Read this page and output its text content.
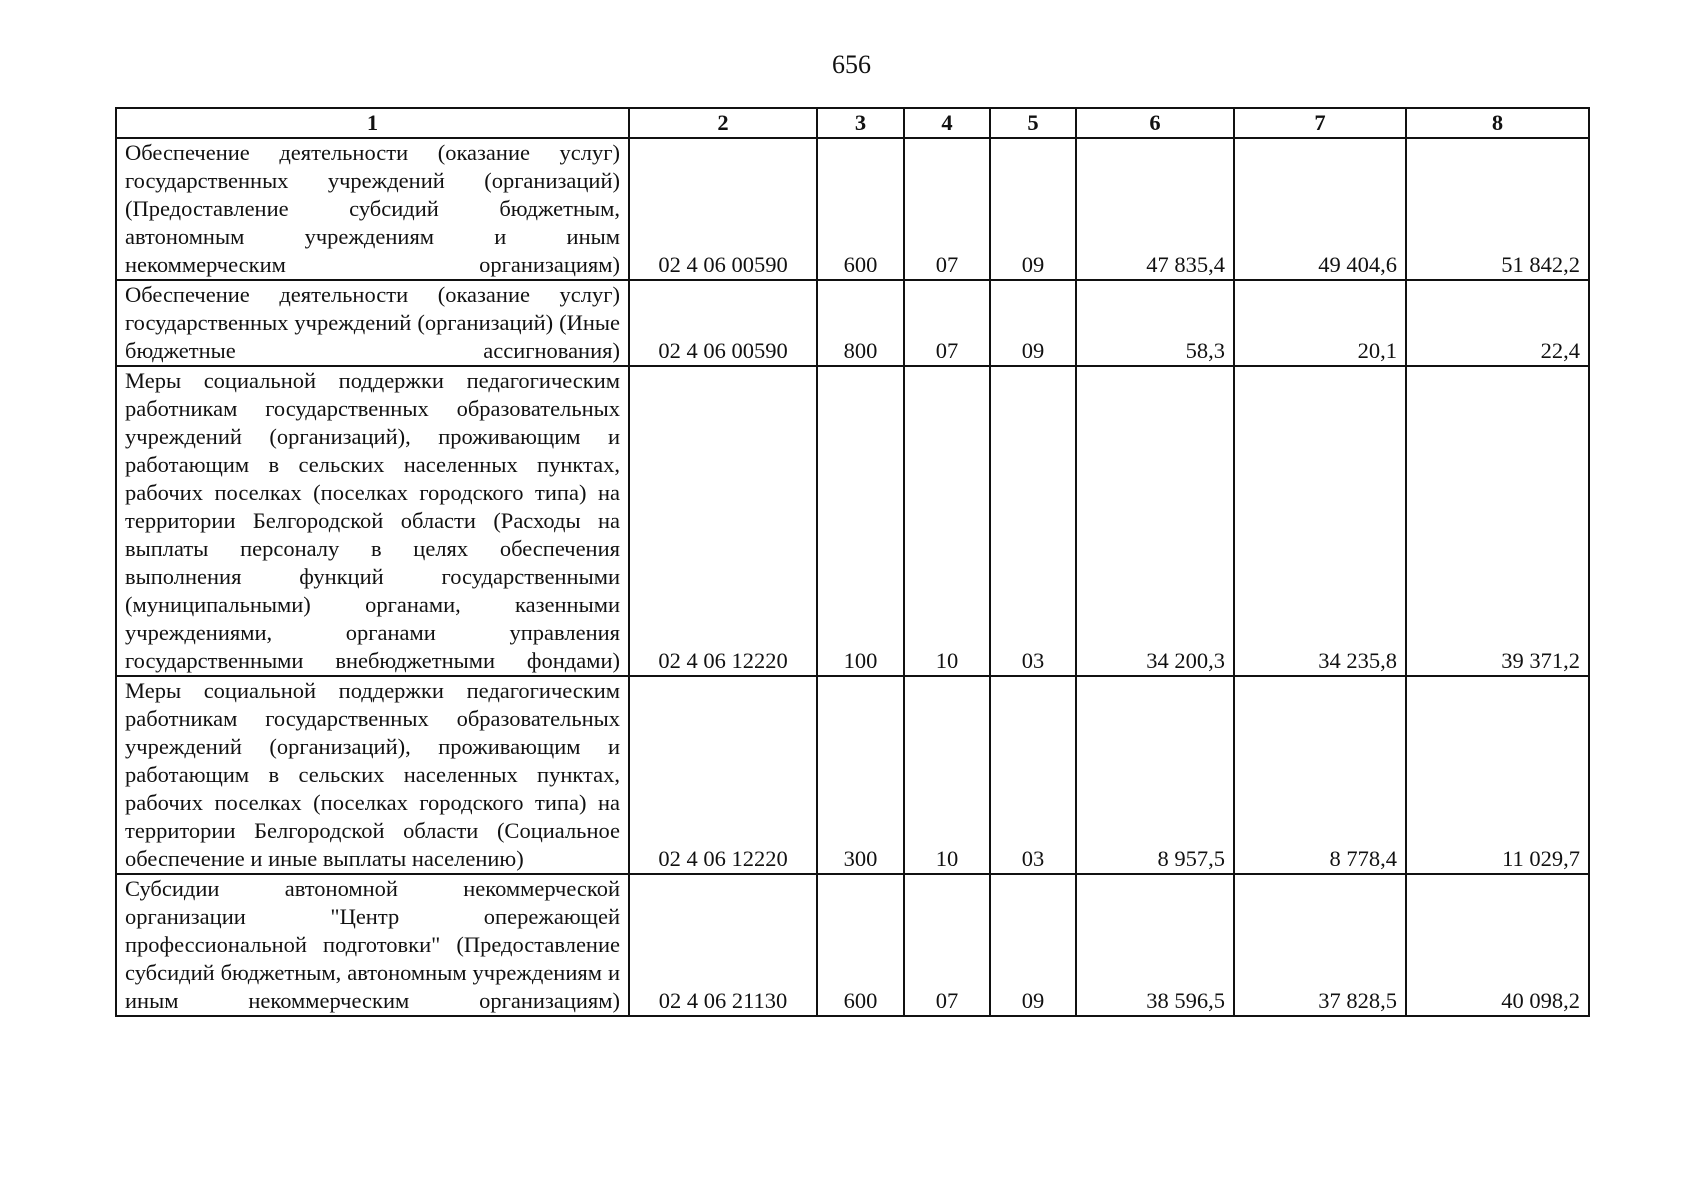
656
1	2	3	4	5	6	7	8
Обеспечение деятельности (оказание услуг) государственных учреждений (организаций) (Предоставление субсидий бюджетным, автономным учреждениям и иным некоммерческим организациям)	02 4 06 00590	600	07	09	47 835,4	49 404,6	51 842,2
Обеспечение деятельности (оказание услуг) государственных учреждений (организаций) (Иные бюджетные ассигнования)	02 4 06 00590	800	07	09	58,3	20,1	22,4
Меры социальной поддержки педагогическим работникам государственных образовательных учреждений (организаций), проживающим и работающим в сельских населенных пунктах, рабочих поселках (поселках городского типа) на территории Белгородской области (Расходы на выплаты персоналу в целях обеспечения выполнения функций государственными (муниципальными) органами, казенными учреждениями, органами управления государственными внебюджетными фондами)	02 4 06 12220	100	10	03	34 200,3	34 235,8	39 371,2
Меры социальной поддержки педагогическим работникам государственных образовательных учреждений (организаций), проживающим и работающим в сельских населенных пунктах, рабочих поселках (поселках городского типа) на территории Белгородской области (Социальное обеспечение и иные выплаты населению)	02 4 06 12220	300	10	03	8 957,5	8 778,4	11 029,7
Субсидии автономной некоммерческой организации "Центр опережающей профессиональной подготовки" (Предоставление субсидий бюджетным, автономным учреждениям и иным некоммерческим организациям)	02 4 06 21130	600	07	09	38 596,5	37 828,5	40 098,2
